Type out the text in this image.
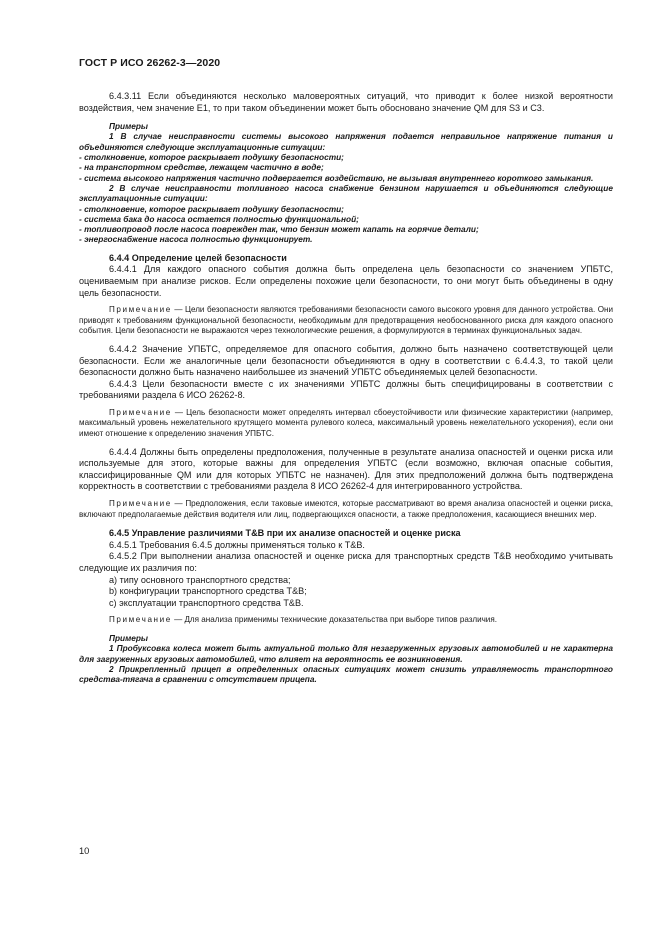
ГОСТ Р ИСО 26262-3—2020

6.4.3.11 Если объединяются несколько маловероятных ситуаций, что приводит к более низкой вероятности воздействия, чем значение E1, то при таком объединении может быть обосновано значение QM для S3 и C3.

Примеры

1 В случае неисправности системы высокого напряжения подается неправильное напряжение питания и объединяются следующие эксплуатационные ситуации:

- столкновение, которое раскрывает подушку безопасности;

- на транспортном средстве, лежащем частично в воде;

- система высокого напряжения частично подвергается воздействию, не вызывая внутреннего короткого замыкания.

2 В случае неисправности топливного насоса снабжение бензином нарушается и объединяются следующие эксплуатационные ситуации:

- столкновение, которое раскрывает подушку безопасности;

- система бака до насоса остается полностью функциональной;

- топливопровод после насоса поврежден так, что бензин может капать на горячие детали;

- энергоснабжение насоса полностью функционирует.

6.4.4 Определение целей безопасности

6.4.4.1 Для каждого опасного события должна быть определена цель безопасности со значением УПБТС, оцениваемым при анализе рисков. Если определены похожие цели безопасности, то они могут быть объединены в одну цель безопасности.

Примечание — Цели безопасности являются требованиями безопасности самого высокого уровня для данного устройства. Они приводят к требованиям функциональной безопасности, необходимым для предотвращения необоснованного риска для каждого опасного события. Цели безопасности не выражаются через технологические решения, а формулируются в терминах функциональных задач.

6.4.4.2 Значение УПБТС, определяемое для опасного события, должно быть назначено соответствующей цели безопасности. Если же аналогичные цели безопасности объединяются в одну в соответствии с 6.4.4.3, то такой цели безопасности должно быть назначено наибольшее из значений УПБТС объединяемых целей безопасности.

6.4.4.3 Цели безопасности вместе с их значениями УПБТС должны быть специфицированы в соответствии с требованиями раздела 6 ИСО 26262-8.

Примечание — Цель безопасности может определять интервал сбоеустойчивости или физические характеристики (например, максимальный уровень нежелательного крутящего момента рулевого колеса, максимальный уровень нежелательного ускорения), если они имеют отношение к определению значения УПБТС.

6.4.4.4 Должны быть определены предположения, полученные в результате анализа опасностей и оценки риска или используемые для этого, которые важны для определения УПБТС (если возможно, включая опасные события, классифицированные QM или для которых УПБТС не назначен). Для этих предположений должна быть подтверждена корректность в соответствии с требованиями раздела 8 ИСО 26262-4 для интегрированного устройства.

Примечание — Предположения, если таковые имеются, которые рассматривают во время анализа опасностей и оценки риска, включают предполагаемые действия водителя или лиц, подвергающихся опасности, а также предположения, касающиеся внешних мер.

6.4.5 Управление различиями T&B при их анализе опасностей и оценке риска

6.4.5.1 Требования 6.4.5 должны применяться только к T&B.

6.4.5.2 При выполнении анализа опасностей и оценке риска для транспортных средств T&B необходимо учитывать следующие их различия по:

a) типу основного транспортного средства;

b) конфигурации транспортного средства T&B;

c) эксплуатации транспортного средства T&B.

Примечание — Для анализа применимы технические доказательства при выборе типов различия.

Примеры

1 Пробуксовка колеса может быть актуальной только для незагруженных грузовых автомобилей и не характерна для загруженных грузовых автомобилей, что влияет на вероятность ее возникновения.

2 Прикрепленный прицеп в определенных опасных ситуациях может снизить управляемость транспортного средства-тягача в сравнении с отсутствием прицепа.

10
